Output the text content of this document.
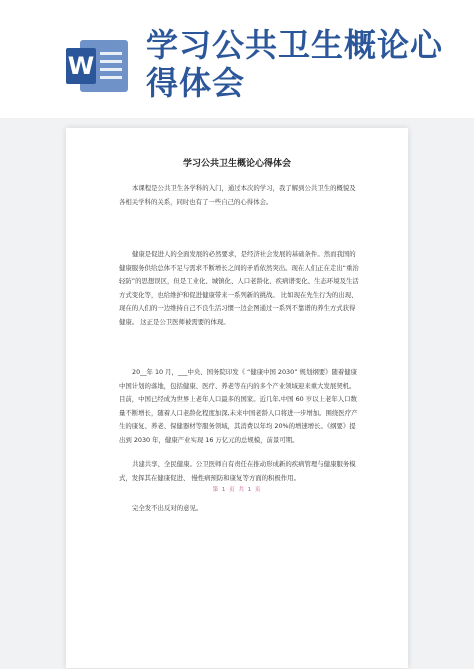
W
学习公共卫生概论心得体会
学习公共卫生概论心得体会

本课程是公共卫生各学科的入门，通过本次的学习，我了解到公共卫生的概貌及各相关学科的关系，同时也有了一些自己的心得体会。

健康是促进人的全面发展的必然要求，是经济社会发展的基础条件。然而我国的健康服务供给总体不足与需求不断增长之间的矛盾依然突出。现在人们正在走出“重治轻防”的思想误区，但是工业化、城镇化、人口老龄化、疾病谱变化、生态环境及生活方式变化等，也给维护和促进健康带来一系列新的挑战。 比如现在先生行为的出现、现在的人们的一边维持自己不良生活习惯一边企图通过一系列不靠谱的养生方式获得健康。 这正是公卫医师被需要的体现。

20__年 10 月，___中央、国务院印发《 “健康中国 2030” 规划纲要》随着健康中国计划的落地，包括健康、医疗、养老等在内的多个产业领域迎来重大发展契机。 目前，中国已经成为世界上老年人口最多的国家。近几年,中国 60 岁以上老年人口数量不断增长，随着人口老龄化程度加深,未来中国老龄人口将进一步增加。围绕医疗产生的康复、养老、保健器材等服务领域，其消费以年均 20%的增速增长。《纲要》提出到 2030 年，健康产业实现 16 万亿元的总规模，前景可期。

共建共享、全民健康。公卫医师自有责任在推动形成新的疾病管理与健康服务模式，发挥其在健康促进、 慢性病预防和康复等方面的积极作用。

完全发不出反对的意见。

第 1 页 共 1 页
